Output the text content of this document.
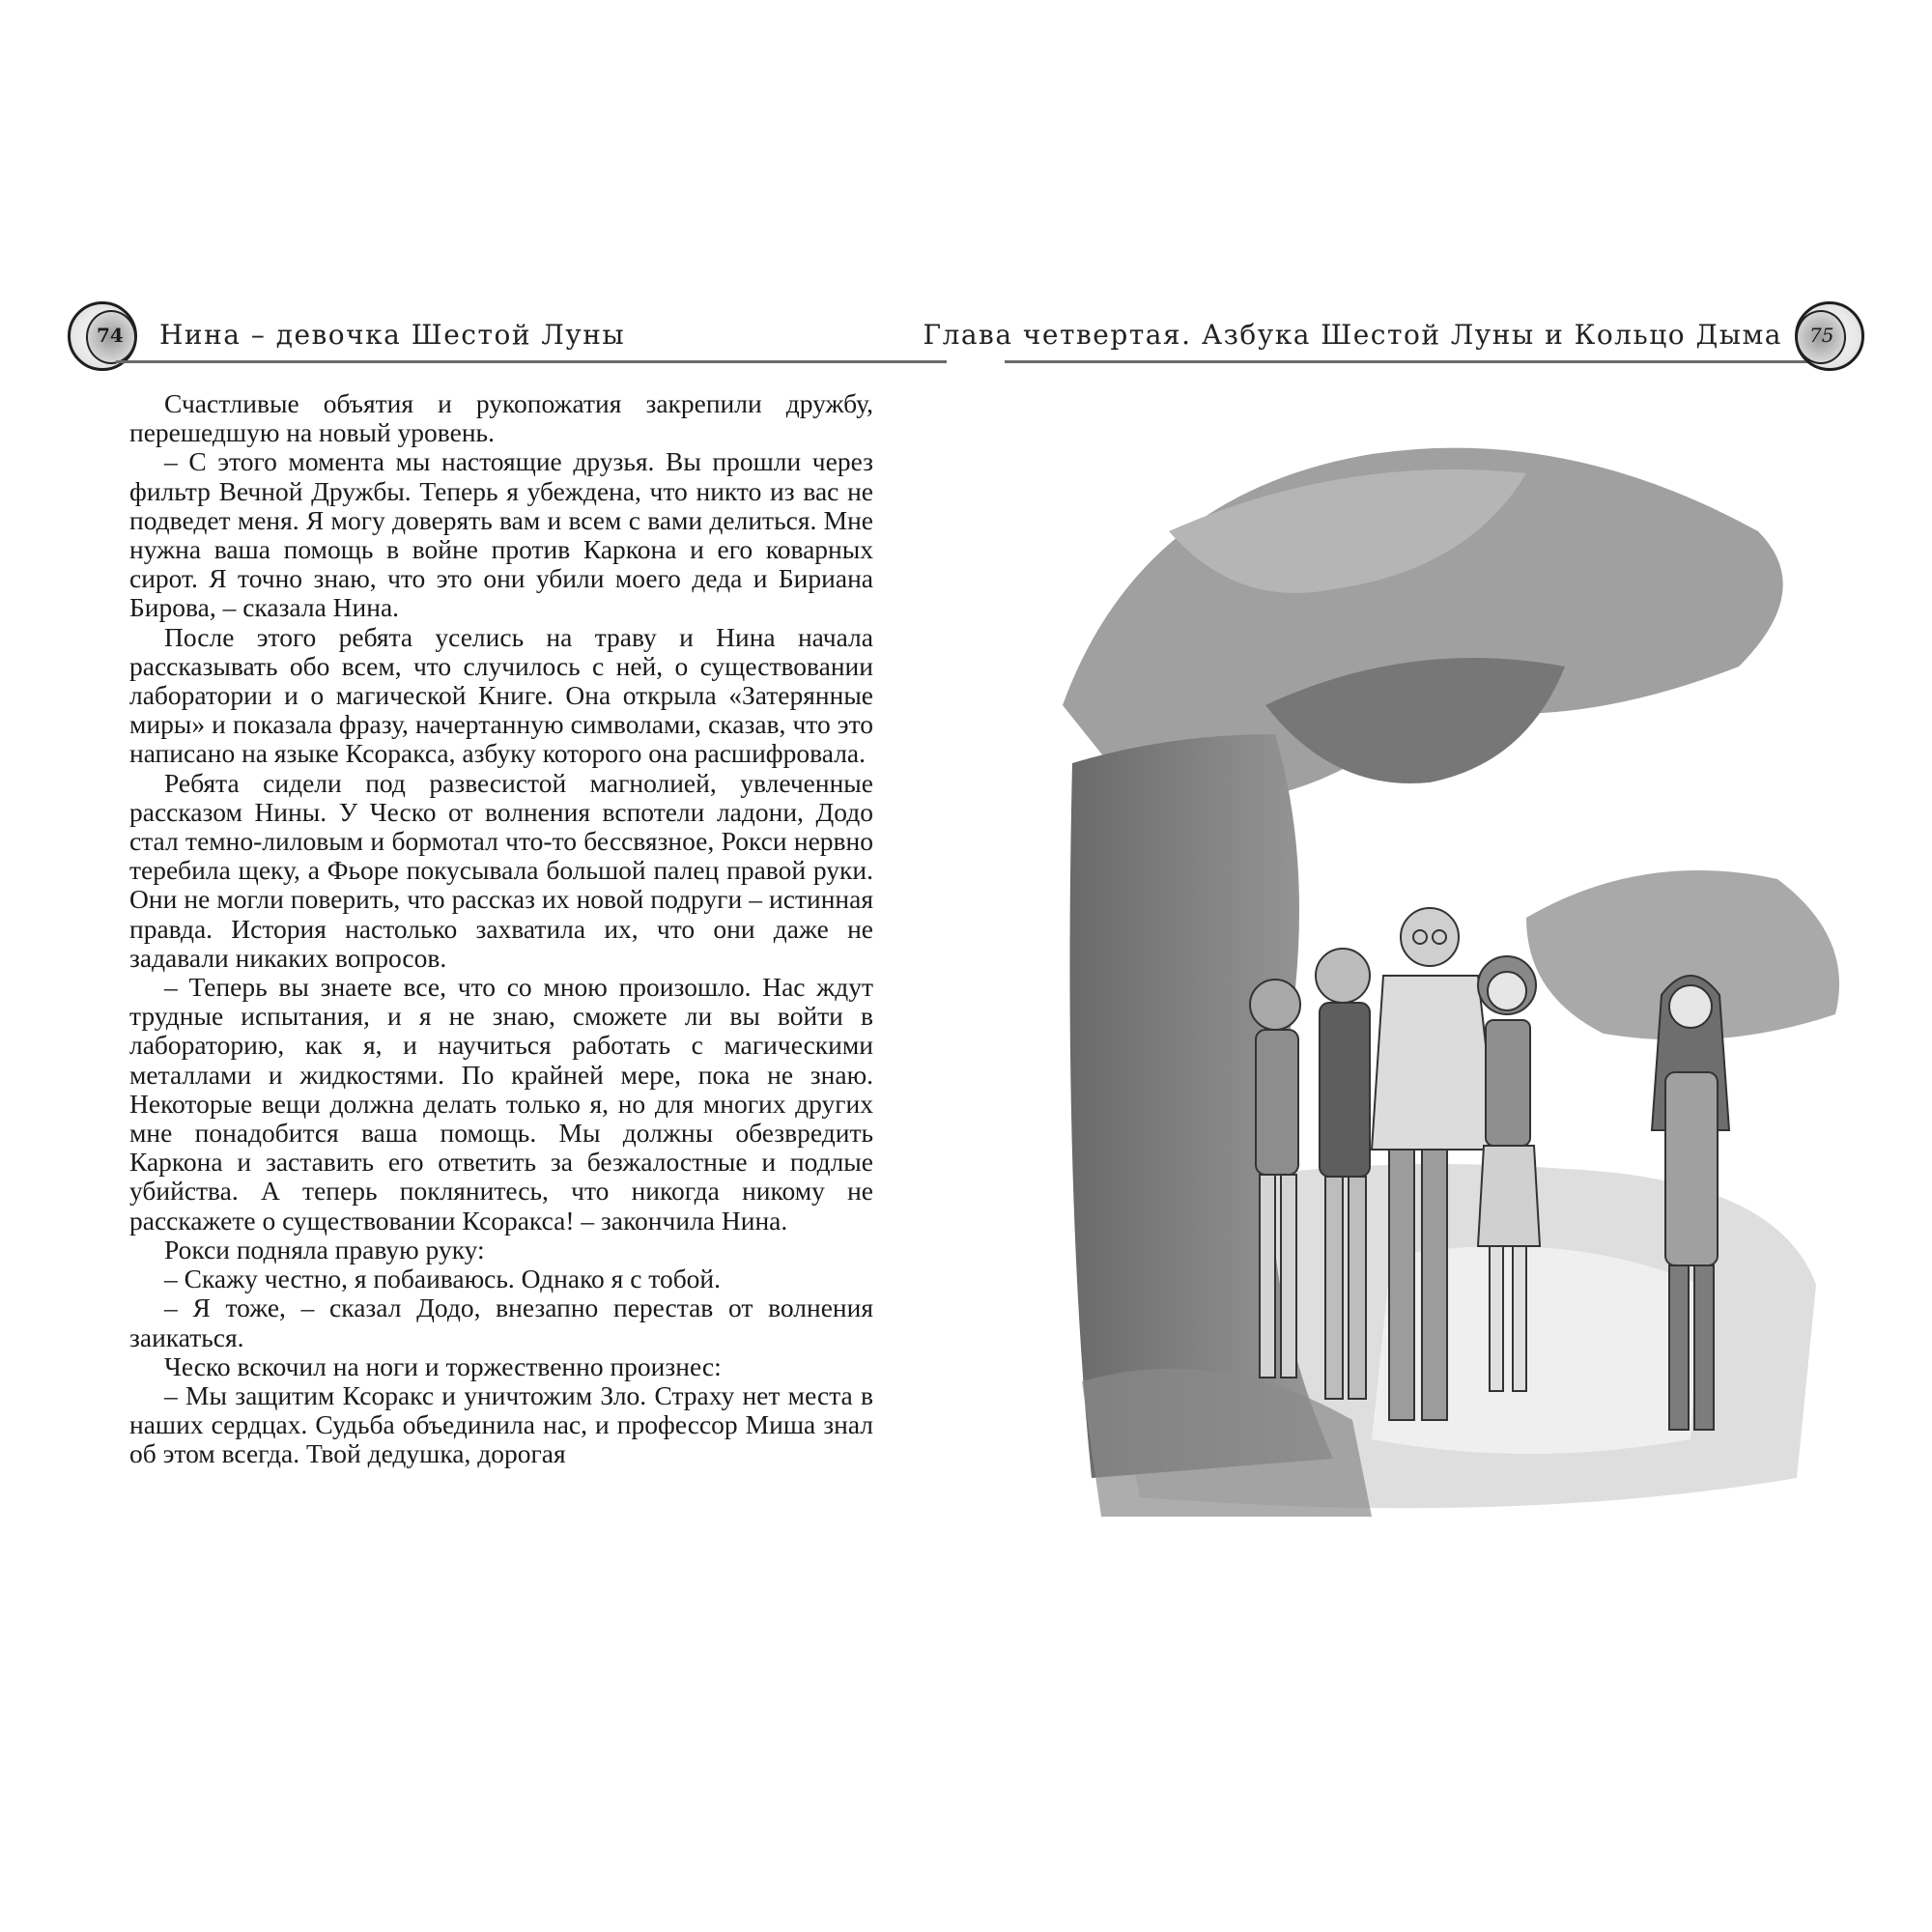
74 Нина – девочка Шестой Луны	Глава четвертая. Азбука Шестой Луны и Кольцо Дыма 75

Счастливые объятия и рукопожатия закрепили дружбу, перешедшую на новый уровень.

– С этого момента мы настоящие друзья. Вы прошли через фильтр Вечной Дружбы. Теперь я убеждена, что никто из вас не подведет меня. Я могу доверять вам и всем с вами делиться. Мне нужна ваша помощь в войне против Каркона и его коварных сирот. Я точно знаю, что это они убили моего деда и Бириана Бирова, – сказала Нина.

После этого ребята уселись на траву и Нина начала рассказывать обо всем, что случилось с ней, о существовании лаборатории и о магической Книге. Она открыла «Затерянные миры» и показала фразу, начертанную символами, сказав, что это написано на языке Ксоракса, азбуку которого она расшифровала.

Ребята сидели под развесистой магнолией, увлеченные рассказом Нины. У Ческо от волнения вспотели ладони, Додо стал темно-лиловым и бормотал что-то бессвязное, Рокси нервно теребила щеку, а Фьоре покусывала большой палец правой руки. Они не могли поверить, что рассказ их новой подруги – истинная правда. История настолько захватила их, что они даже не задавали никаких вопросов.

– Теперь вы знаете все, что со мною произошло. Нас ждут трудные испытания, и я не знаю, сможете ли вы войти в лабораторию, как я, и научиться работать с магическими металлами и жидкостями. По крайней мере, пока не знаю. Некоторые вещи должна делать только я, но для многих других мне понадобится ваша помощь. Мы должны обезвредить Каркона и заставить его ответить за безжалостные и подлые убийства. А теперь поклянитесь, что никогда никому не расскажете о существовании Ксоракса! – закончила Нина.

Рокси подняла правую руку:

– Скажу честно, я побаиваюсь. Однако я с тобой.

– Я тоже, – сказал Додо, внезапно перестав от волнения заикаться.

Ческо вскочил на ноги и торжественно произнес:

– Мы защитим Ксоракс и уничтожим Зло. Страху нет места в наших сердцах. Судьба объединила нас, и профессор Миша знал об этом всегда. Твой дедушка, дорогая
